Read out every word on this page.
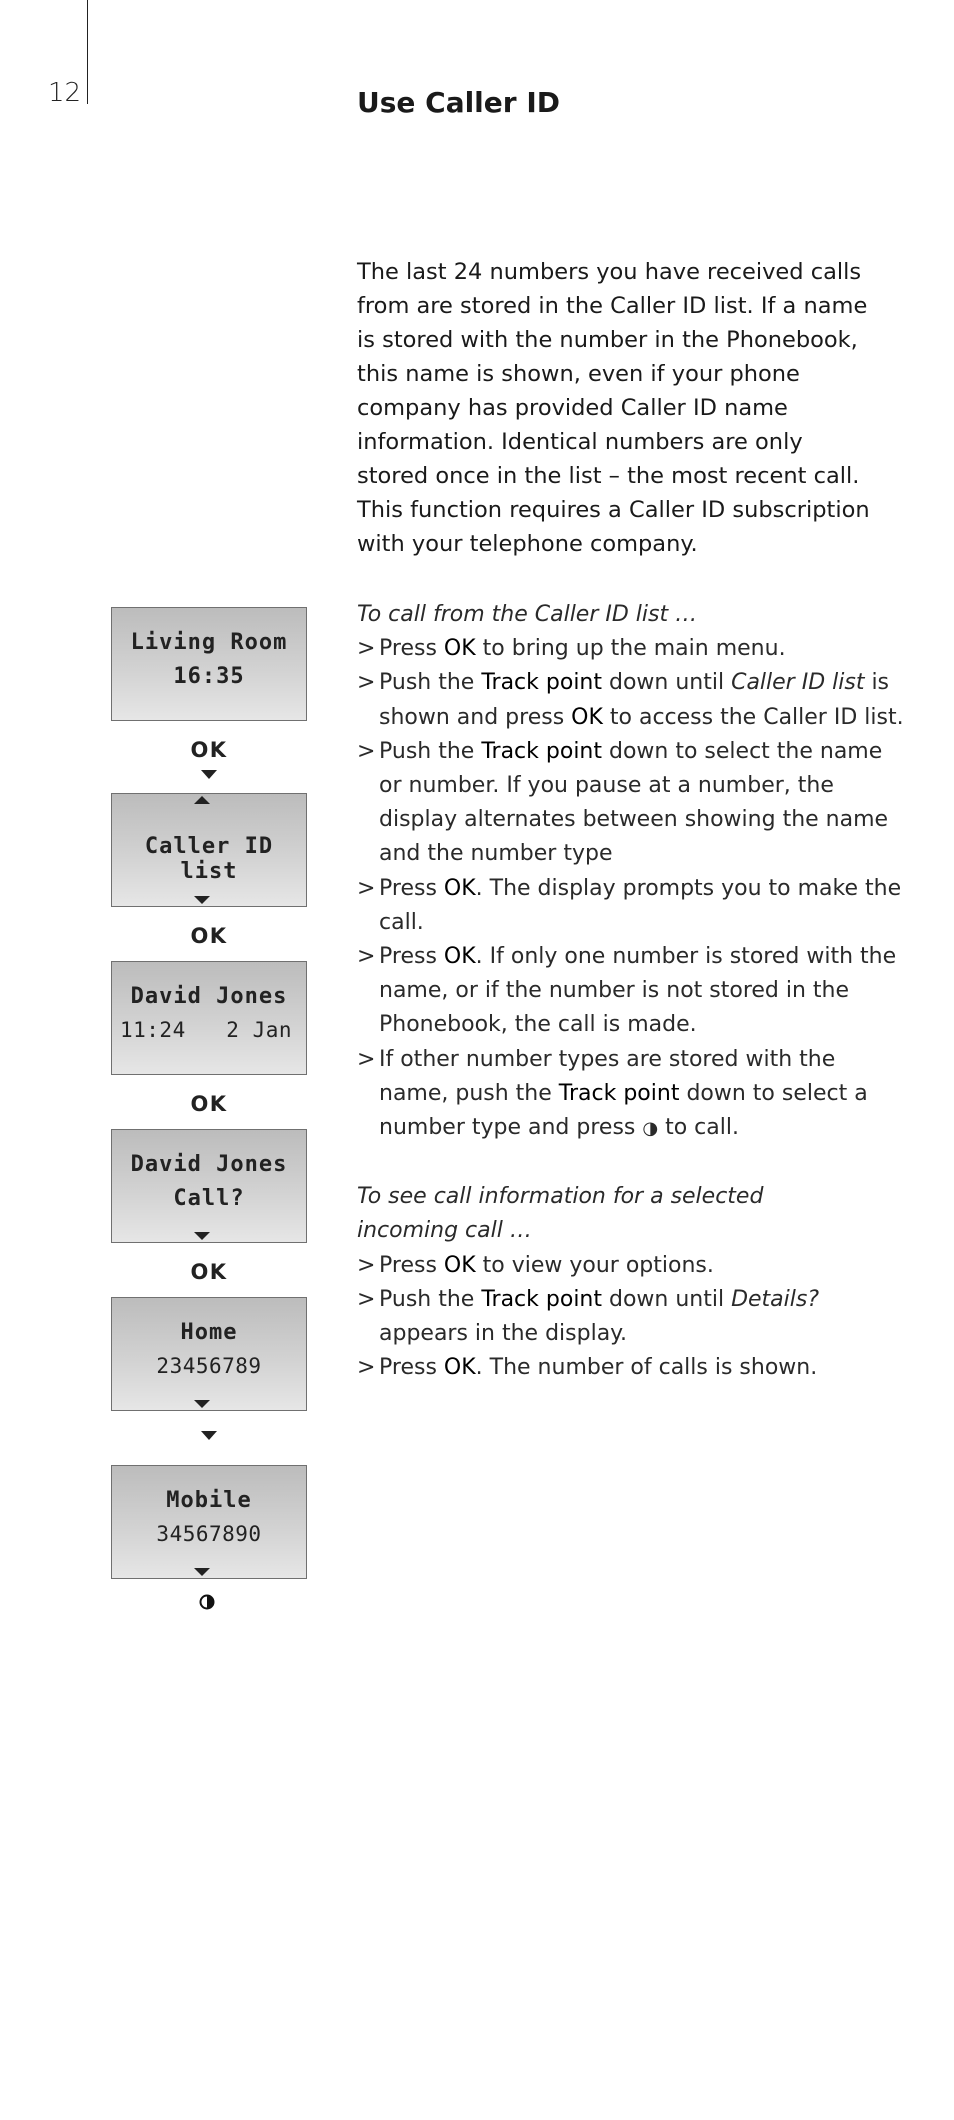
12	Use Caller ID

The last 24 numbers you have received calls

from are stored in the Caller ID list. If a name

is stored with the number in the Phonebook,

this name is shown, even if your phone

company has provided Caller ID name

information. Identical numbers are only

stored once in the list – the most recent call.

This function requires a Caller ID subscription

with your telephone company.

To call from the Caller ID list …
> Press OK to bring up the main menu.
> Push the Track point down until Caller ID list is
shown and press OK to access the Caller ID list.
> Push the Track point down to select the name
or number. If you pause at a number, the
display alternates between showing the name
and the number type
> Press OK. The display prompts you to make the
call.
> Press OK. If only one number is stored with the
name, or if the number is not stored in the
Phonebook, the call is made.
> If other number types are stored with the
name, push the Track point down to select a
number type and press ◑ to call.
To see call information for a selected
incoming call …
> Press OK to view your options.
> Push the Track point down until Details?
appears in the display.
> Press OK. The number of calls is shown.
Living Room
16:35
OK
Caller ID list
OK
David Jones
11:24 2 Jan
OK
David Jones
Call?
OK
Home
23456789
Mobile
34567890
